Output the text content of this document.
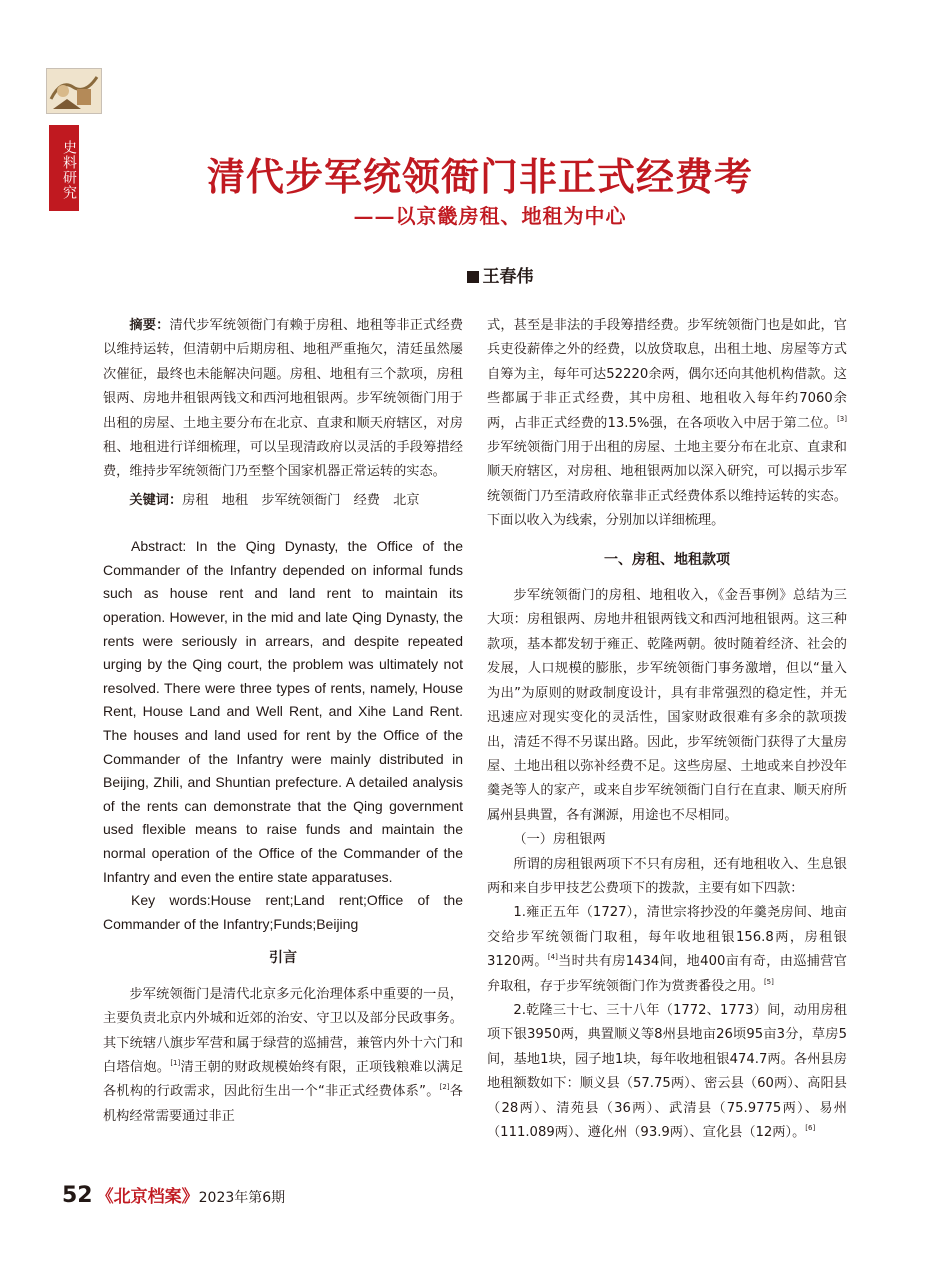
史料研究	清代步军统领衙门非正式经费考
——以京畿房租、地租为中心
王春伟

摘要：清代步军统领衙门有赖于房租、地租等非正式经费以维持运转，但清朝中后期房租、地租严重拖欠，清廷虽然屡次催征，最终也未能解决问题。房租、地租有三个款项，房租银两、房地井租银两钱文和西河地租银两。步军统领衙门用于出租的房屋、土地主要分布在北京、直隶和顺天府辖区，对房租、地租进行详细梳理，可以呈现清政府以灵活的手段筹措经费，维持步军统领衙门乃至整个国家机器正常运转的实态。

关键词：房租　地租　步军统领衙门　经费　北京

Abstract: In the Qing Dynasty, the Office of the Commander of the Infantry depended on informal funds such as house rent and land rent to maintain its operation. However, in the mid and late Qing Dynasty, the rents were seriously in arrears, and despite repeated urging by the Qing court, the problem was ultimately not resolved. There were three types of rents, namely, House Rent, House Land and Well Rent, and Xihe Land Rent. The houses and land used for rent by the Office of the Commander of the Infantry were mainly distributed in Beijing, Zhili, and Shuntian prefecture. A detailed analysis of the rents can demonstrate that the Qing government used flexible means to raise funds and maintain the normal operation of the Office of the Commander of the Infantry and even the entire state apparatuses.

Key words:House rent;Land rent;Office of the Commander of the Infantry;Funds;Beijing

引言

步军统领衙门是清代北京多元化治理体系中重要的一员，主要负责北京内外城和近郊的治安、守卫以及部分民政事务。其下统辖八旗步军营和属于绿营的巡捕营，兼管内外十六门和白塔信炮。[1]清王朝的财政规模始终有限，正项钱粮难以满足各机构的行政需求，因此衍生出一个“非正式经费体系”。[2]各机构经常需要通过非正

式，甚至是非法的手段筹措经费。步军统领衙门也是如此，官兵吏役薪俸之外的经费，以放贷取息，出租土地、房屋等方式自筹为主，每年可达52220余两，偶尔还向其他机构借款。这些都属于非正式经费，其中房租、地租收入每年约7060余两，占非正式经费的13.5%强，在各项收入中居于第二位。[3]步军统领衙门用于出租的房屋、土地主要分布在北京、直隶和顺天府辖区，对房租、地租银两加以深入研究，可以揭示步军统领衙门乃至清政府依靠非正式经费体系以维持运转的实态。下面以收入为线索，分别加以详细梳理。

一、房租、地租款项

步军统领衙门的房租、地租收入，《金吾事例》总结为三大项：房租银两、房地井租银两钱文和西河地租银两。这三种款项，基本都发轫于雍正、乾隆两朝。彼时随着经济、社会的发展，人口规模的膨胀，步军统领衙门事务激增，但以“量入为出”为原则的财政制度设计，具有非常强烈的稳定性，并无迅速应对现实变化的灵活性，国家财政很难有多余的款项拨出，清廷不得不另谋出路。因此，步军统领衙门获得了大量房屋、土地出租以弥补经费不足。这些房屋、土地或来自抄没年羹尧等人的家产，或来自步军统领衙门自行在直隶、顺天府所属州县典置，各有渊源，用途也不尽相同。

（一）房租银两

所谓的房租银两项下不只有房租，还有地租收入、生息银两和来自步甲技艺公费项下的拨款，主要有如下四款：

1.雍正五年（1727），清世宗将抄没的年羹尧房间、地亩交给步军统领衙门取租，每年收地租银156.8两，房租银3120两。[4]当时共有房1434间，地400亩有奇，由巡捕营官弁取租，存于步军统领衙门作为赏赉番役之用。[5]

2.乾隆三十七、三十八年（1772、1773）间，动用房租项下银3950两，典置顺义等8州县地亩26顷95亩3分，草房5间，基地1块，园子地1块，每年收地租银474.7两。各州县房地租额数如下：顺义县（57.75两）、密云县（60两）、高阳县（28两）、清苑县（36两）、武清县（75.9775两）、易州（111.089两）、遵化州（93.9两）、宣化县（12两）。[6]

52 《北京档案》2023年第6期
